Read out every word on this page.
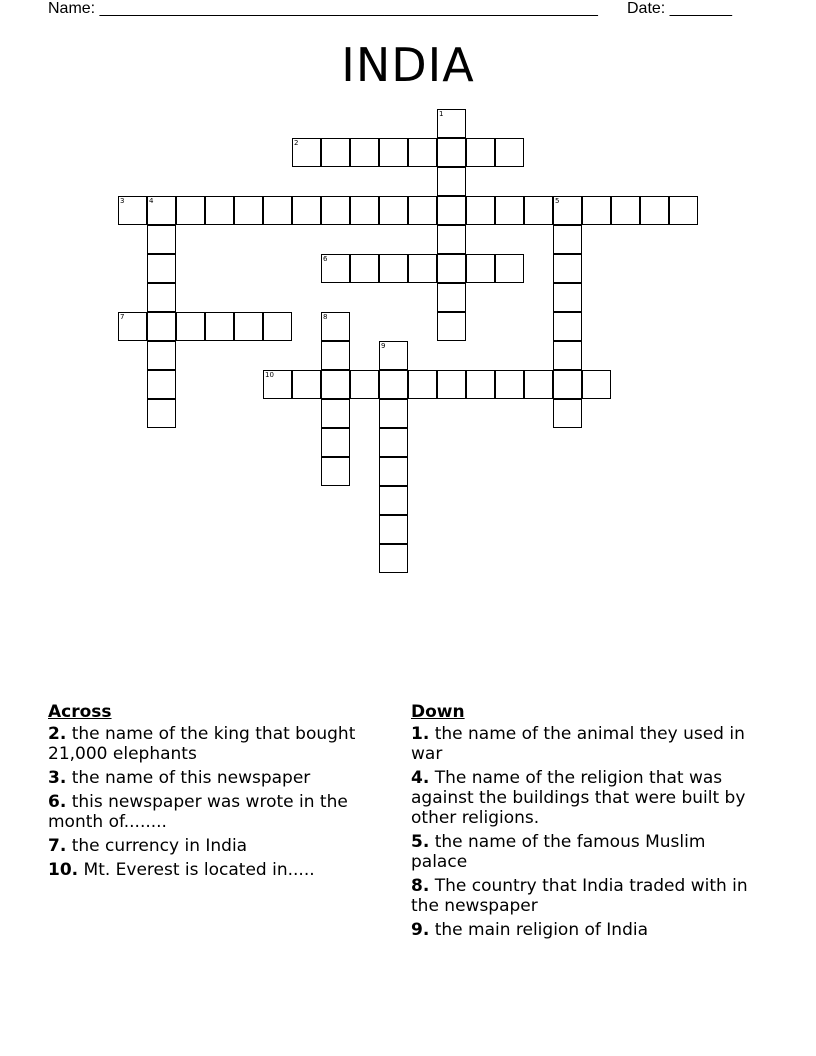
Name: ________________________________________________________ Date: _______
INDIA
1
2
3	4	5
6
7	8
9
10
Across
2. the name of the king that bought 21,000 elephants
3. the name of this newspaper
6. this newspaper was wrote in the month of........
7. the currency in India
10. Mt. Everest is located in.....
Down
1. the name of the animal they used in war
4. The name of the religion that was against the buildings that were built by other religions.
5. the name of the famous Muslim palace
8. The country that India traded with in the newspaper
9. the main religion of India
